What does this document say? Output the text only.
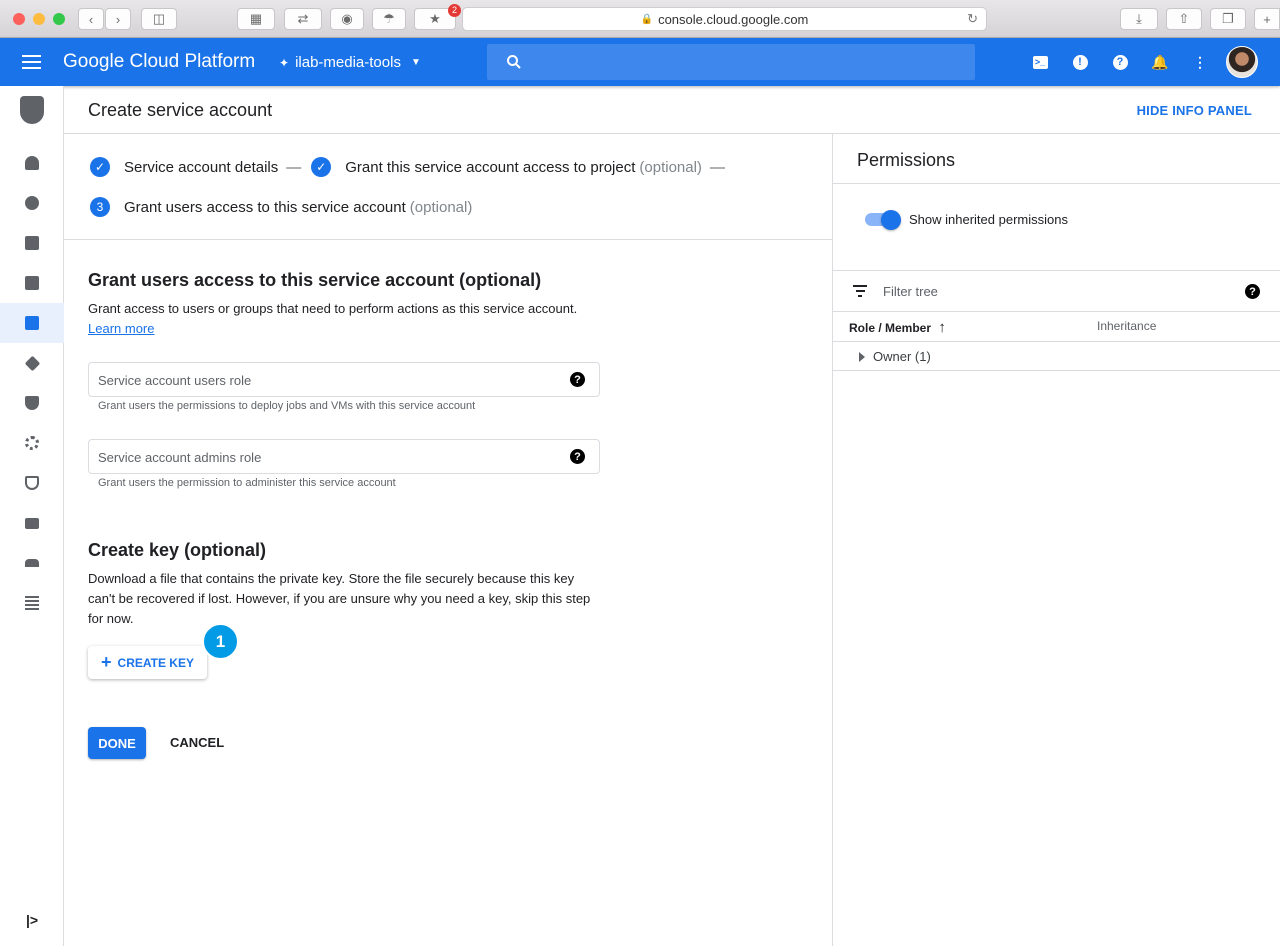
‹	›	◫	▦	⇄	◉	☂	★
2
🔒 console.cloud.google.com	↻	⤓	⇧	❐	+
Google Cloud Platform ✦ ilab-media-tools ▼	>_	!	? 🔔 ⋮
|>
Create service account	HIDE INFO PANEL
✓	Service account details —	✓	Grant this service account access to project (optional) —
3	Grant users access to this service account (optional)
Grant users access to this service account (optional)
Grant access to users or groups that need to perform actions as this service account.
Learn more
Service account users role	?
Grant users the permissions to deploy jobs and VMs with this service account
Service account admins role	?
Grant users the permission to administer this service account
Create key (optional)
Download a file that contains the private key. Store the file securely because this key
can't be recovered if lost. However, if you are unsure why you need a key, skip this step
for now.
+ CREATE KEY
1
DONE	CANCEL
Permissions
Show inherited permissions
Filter tree	?
Role / Member ↑	Inheritance
Owner (1)
